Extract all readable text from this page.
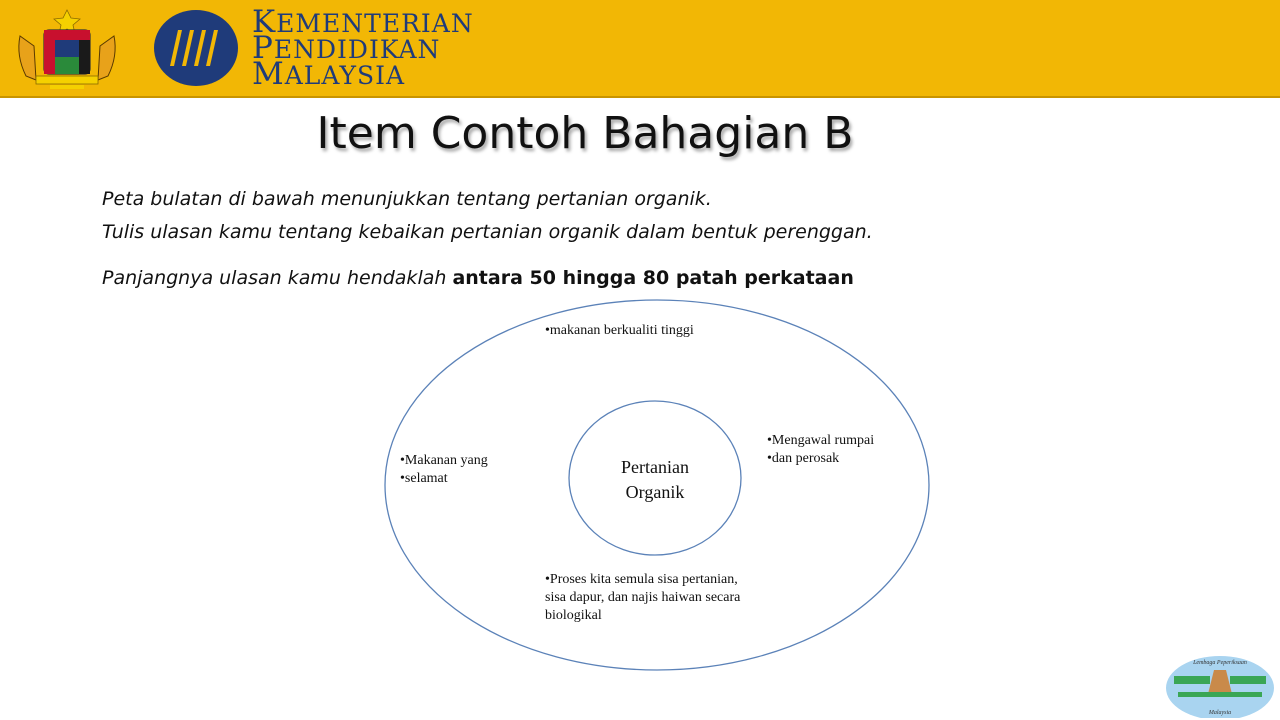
KEMENTERIAN
PENDIDIKAN
MALAYSIA
Item Contoh Bahagian B
Peta bulatan di bawah menunjukkan tentang pertanian organik.
Tulis ulasan kamu tentang kebaikan pertanian organik dalam bentuk perenggan.
Panjangnya ulasan kamu hendaklah antara 50 hingga 80 patah perkataan
Pertanian
Organik
•makanan berkualiti tinggi
•Mengawal rumpai
•dan perosak
•Makanan yang
•selamat
•Proses kita semula sisa pertanian,
sisa dapur, dan najis haiwan secara
biologikal
Lembaga Peperiksaan
Malaysia
